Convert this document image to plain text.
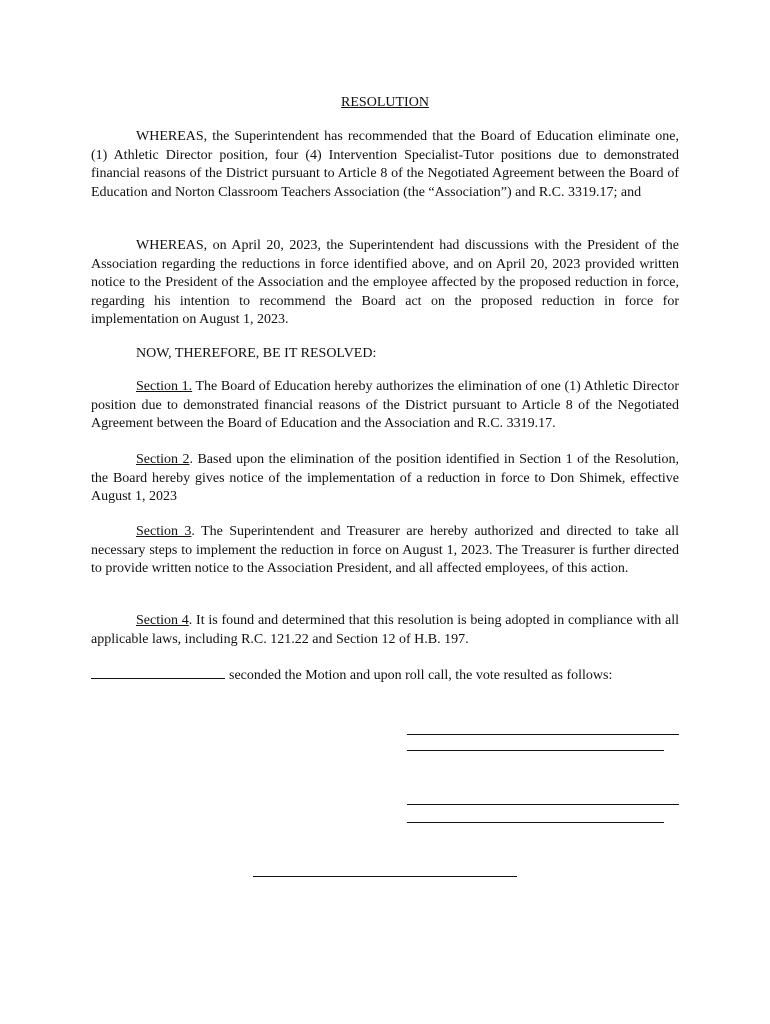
RESOLUTION

WHEREAS, the Superintendent has recommended that the Board of Education eliminate one, (1) Athletic Director position, four (4) Intervention Specialist-Tutor positions due to demonstrated financial reasons of the District pursuant to Article 8 of the Negotiated Agreement between the Board of Education and Norton Classroom Teachers Association (the “Association”) and R.C. 3319.17; and

WHEREAS, on April 20, 2023, the Superintendent had discussions with the President of the Association regarding the reductions in force identified above, and on April 20, 2023 provided written notice to the President of the Association and the employee affected by the proposed reduction in force, regarding his intention to recommend the Board act on the proposed reduction in force for implementation on August 1, 2023.

NOW, THEREFORE, BE IT RESOLVED:

Section 1. The Board of Education hereby authorizes the elimination of one (1) Athletic Director position due to demonstrated financial reasons of the District pursuant to Article 8 of the Negotiated Agreement between the Board of Education and the Association and R.C. 3319.17.

Section 2. Based upon the elimination of the position identified in Section 1 of the Resolution, the Board hereby gives notice of the implementation of a reduction in force to Don Shimek, effective August 1, 2023

Section 3. The Superintendent and Treasurer are hereby authorized and directed to take all necessary steps to implement the reduction in force on August 1, 2023. The Treasurer is further directed to provide written notice to the Association President, and all affected employees, of this action.

Section 4. It is found and determined that this resolution is being adopted in compliance with all applicable laws, including R.C. 121.22 and Section 12 of H.B. 197.

seconded the Motion and upon roll call, the vote resulted as follows:
